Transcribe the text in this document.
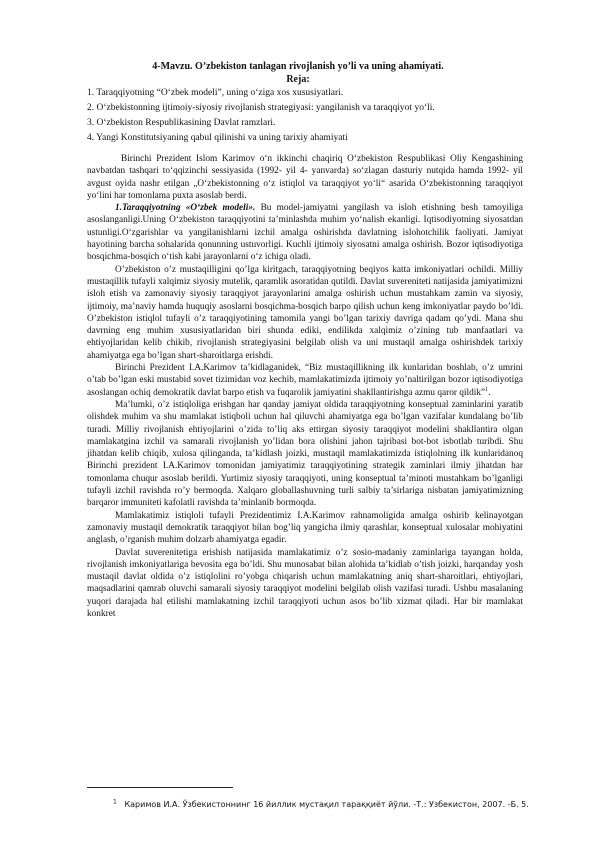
4-Mavzu. O’zbekiston tanlagan rivojlanish yo’li va uning ahamiyati.
Reja:
1. Taraqqiyotning “O‘zbek modeli”, uning o‘ziga xos xususiyatlari.
2. O‘zbekistonning ijtimoiy-siyosiy rivojlanish strategiyasi: yangilanish va taraqqiyot yo‘li.
3. O‘zbekiston Respublikasining Davlat ramzlari.
4. Yangi Konstitutsiyaning qabul qilinishi va uning tarixiy ahamiyati

Birinchi Prezident Islom Karimov o‘n ikkinchi chaqiriq O‘zbekiston Respublikasi Oliy Kengashining navbatdan tashqari to‘qqizinchi sessiyasida (1992- yil 4- yanvarda) so‘zlagan dasturiy nutqida hamda 1992- yil avgust oyida nashr etilgan „O‘zbekistonning o‘z istiqlol va taraqqiyot yo‘li“ asarida O‘zbekistonning taraqqiyot yo‘lini har tomonlama puxta asoslab berdi.

1.Taraqqiyotning «O‘zbek modeli». Bu model-jamiyatni yangilash va isloh etishning besh tamoyiliga asoslanganligi.Uning O‘zbekiston taraqqiyotini ta’minlashda muhim yo‘nalish ekanligi. Iqtisodiyotning siyosatdan ustunligi.O‘zgarishlar va yangilanishlarni izchil amalga oshirishda davlatning islohotchilik faoliyati. Jamiyat hayotining barcha sohalarida qonunning ustuvorligi. Kuchli ijtimoiy siyosatni amalga oshirish. Bozor iqtisodiyotiga bosqichma-bosqich o‘tish kabi jarayonlarni o‘z ichiga oladi.

O’zbekiston o’z mustaqilligini qo’lga kiritgach, taraqqiyotning beqiyos katta imkoniyatlari ochildi. Milliy mustaqillik tufayli xalqimiz siyosiy mutelik, qaramlik asoratidan qutildi. Davlat suvereniteti natijasida jamiyatimizni isloh etish va zamonaviy siyosiy taraqqiyot jarayonlarini amalga oshirish uchun mustahkam zamin va siyosiy, ijtimoiy, ma’naviy hamda huquqiy asoslarni bosqichma-bosqich barpo qilish uchun keng imkoniyatlar paydo bo’ldi. O’zbekiston istiqlol tufayli o’z taraqqiyotining tamomila yangi bo’lgan tarixiy davriga qadam qo’ydi. Mana shu davrning eng muhim xususiyatlaridan biri shunda ediki, endilikda xalqimiz o’zining tub manfaatlari va ehtiyojlaridan kelib chikib, rivojlanish strategiyasini belgilab olish va uni mustaqil amalga oshirishdek tarixiy ahamiyatga ega bo’lgan shart-sharoitlarga erishdi.

Birinchi Prezident I.A.Karimov ta’kidlaganidek, “Biz mustaqillikning ilk kunlaridan boshlab, o’z umrini o’tab bo’lgan eski mustabid sovet tizimidan voz kechib, mamlakatimizda ijtimoiy yo’naltirilgan bozor iqtisodiyotiga asoslangan ochiq demokratik davlat barpo etish va fuqarolik jamiyatini shakllantirishga azmu qaror qildik”$^1$.

Ma’lumki, o’z istiqloliga erishgan har qanday jamiyat oldida taraqqiyotning konseptual zaminlarini yaratib olishdek muhim va shu mamlakat istiqboli uchun hal qiluvchi ahamiyatga ega bo’lgan vazifalar kundalang bo’lib turadi. Milliy rivojlanish ehtiyojlarini o’zida to’liq aks ettirgan siyosiy taraqqiyot modelini shakllantira olgan mamlakatgina izchil va samarali rivojlanish yo’lidan bora olishini jahon tajribasi bot-bot isbotlab turibdi. Shu jihatdan kelib chiqib, xulosa qilinganda, ta’kidlash joizki, mustaqil mamlakatimizda istiqlolning ilk kunlaridanoq Birinchi prezident I.A.Karimov tomonidan jamiyatimiz taraqqiyotining strategik zaminlari ilmiy jihatdan har tomonlama chuqur asoslab berildi. Yurtimiz siyosiy taraqqiyoti, uning konseptual ta’minoti mustahkam bo’lganligi tufayli izchil ravishda ro’y bermoqda. Xalqaro globallashuvning turli salbiy ta’sirlariga nisbatan jamiyatimizning barqaror immuniteti kafolatli ravishda ta’minlanib bormoqda.

Mamlakatimiz istiqloli tufayli Prezidentimiz I.A.Karimov rahnamoligida amalga oshirib kelinayotgan zamonaviy mustaqil demokratik taraqqiyot bilan bog’liq yangicha ilmiy qarashlar, konseptual xulosalar mohiyatini anglash, o’rganish muhim dolzarb ahamiyatga egadir.

Davlat suverenitetiga erishish natijasida mamlakatimiz o’z sosio-madaniy zaminlariga tayangan holda, rivojlanish imkoniyatlariga bevosita ega bo’ldi. Shu munosabat bilan alohida ta’kidlab o’tish joizki, harqanday yosh mustaqil davlat oldida o’z istiqlolini ro’yobga chiqarish uchun mamlakatning aniq shart-sharoitlari, ehtiyojlari, maqsadlarini qamrab oluvchi samarali siyosiy taraqqiyot modelini belgilab olish vazifasi turadi. Ushbu masalaning yuqori darajada hal etilishi mamlakatning izchil taraqqiyoti uchun asos bo’lib xizmat qiladi. Har bir mamlakat konkret

$^1$ Каримов И.А. Ўзбекистоннинг 16 йиллик мустақил тараққиёт йўли. -Т.: Узбекистон, 2007. -Б. 5.
